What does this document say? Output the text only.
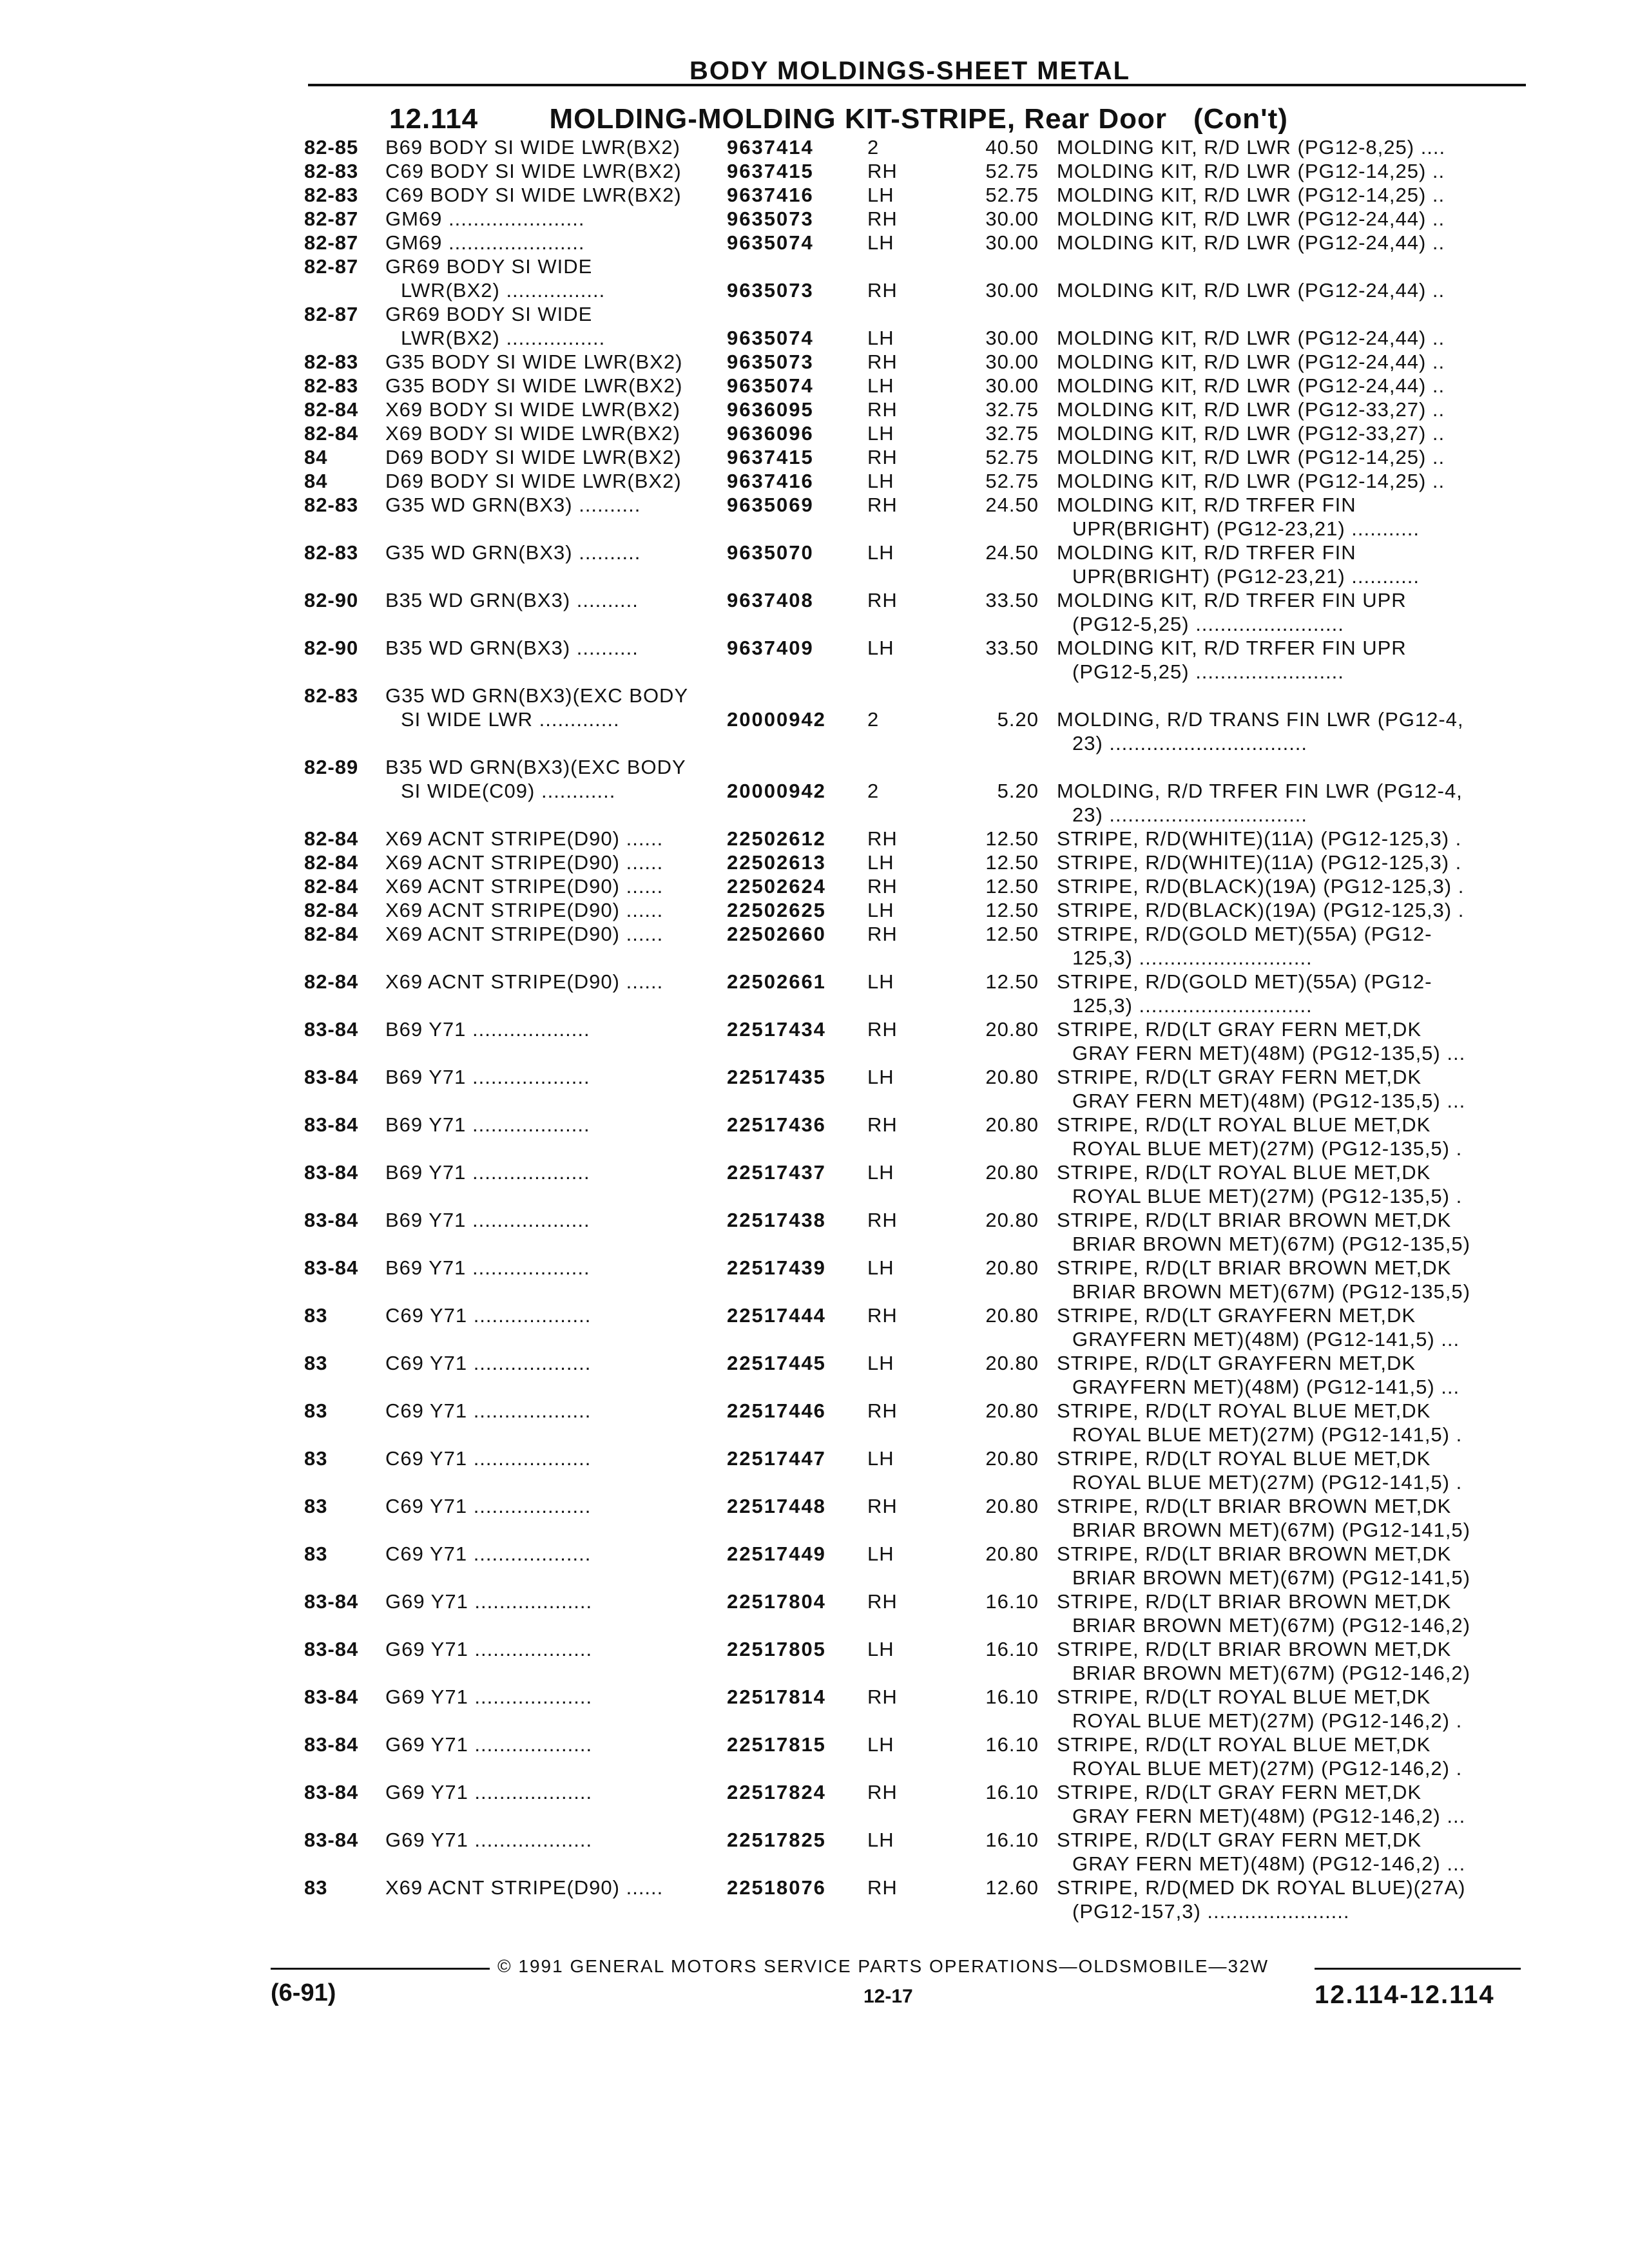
BODY MOLDINGS-SHEET METAL
12.114	MOLDING-MOLDING KIT-STRIPE, Rear Door (Con't)
82-85	B69 BODY SI WIDE LWR(BX2)	9637414	2	40.50 MOLDING KIT, R/D LWR (PG12-8,25) ....
82-83	C69 BODY SI WIDE LWR(BX2)	9637415	RH	52.75 MOLDING KIT, R/D LWR (PG12-14,25) ..
82-83	C69 BODY SI WIDE LWR(BX2)	9637416	LH	52.75 MOLDING KIT, R/D LWR (PG12-14,25) ..
82-87	GM69 ......................	9635073	RH	30.00 MOLDING KIT, R/D LWR (PG12-24,44) ..
82-87	GM69 ......................	9635074	LH	30.00 MOLDING KIT, R/D LWR (PG12-24,44) ..
82-87	GR69 BODY SI WIDE
LWR(BX2) ................	9635073	RH	30.00 MOLDING KIT, R/D LWR (PG12-24,44) ..
82-87	GR69 BODY SI WIDE
LWR(BX2) ................	9635074	LH	30.00 MOLDING KIT, R/D LWR (PG12-24,44) ..
82-83	G35 BODY SI WIDE LWR(BX2)	9635073	RH	30.00 MOLDING KIT, R/D LWR (PG12-24,44) ..
82-83	G35 BODY SI WIDE LWR(BX2)	9635074	LH	30.00 MOLDING KIT, R/D LWR (PG12-24,44) ..
82-84	X69 BODY SI WIDE LWR(BX2)	9636095	RH	32.75 MOLDING KIT, R/D LWR (PG12-33,27) ..
82-84	X69 BODY SI WIDE LWR(BX2)	9636096	LH	32.75 MOLDING KIT, R/D LWR (PG12-33,27) ..
84	D69 BODY SI WIDE LWR(BX2)	9637415	RH	52.75 MOLDING KIT, R/D LWR (PG12-14,25) ..
84	D69 BODY SI WIDE LWR(BX2)	9637416	LH	52.75 MOLDING KIT, R/D LWR (PG12-14,25) ..
82-83	G35 WD GRN(BX3) ..........	9635069	RH	24.50 MOLDING KIT, R/D TRFER FIN
UPR(BRIGHT) (PG12-23,21) ...........
82-83	G35 WD GRN(BX3) ..........	9635070	LH	24.50 MOLDING KIT, R/D TRFER FIN
UPR(BRIGHT) (PG12-23,21) ...........
82-90	B35 WD GRN(BX3) ..........	9637408	RH	33.50 MOLDING KIT, R/D TRFER FIN UPR
(PG12-5,25) ........................
82-90	B35 WD GRN(BX3) ..........	9637409	LH	33.50 MOLDING KIT, R/D TRFER FIN UPR
(PG12-5,25) ........................
82-83	G35 WD GRN(BX3)(EXC BODY
SI WIDE LWR .............	20000942	2	5.20 MOLDING, R/D TRANS FIN LWR (PG12-4,
23) ................................
82-89	B35 WD GRN(BX3)(EXC BODY
SI WIDE(C09) ............	20000942	2	5.20 MOLDING, R/D TRFER FIN LWR (PG12-4,
23) ................................
82-84	X69 ACNT STRIPE(D90) ......	22502612	RH	12.50 STRIPE, R/D(WHITE)(11A) (PG12-125,3) .
82-84	X69 ACNT STRIPE(D90) ......	22502613	LH	12.50 STRIPE, R/D(WHITE)(11A) (PG12-125,3) .
82-84	X69 ACNT STRIPE(D90) ......	22502624	RH	12.50 STRIPE, R/D(BLACK)(19A) (PG12-125,3) .
82-84	X69 ACNT STRIPE(D90) ......	22502625	LH	12.50 STRIPE, R/D(BLACK)(19A) (PG12-125,3) .
82-84	X69 ACNT STRIPE(D90) ......	22502660	RH	12.50 STRIPE, R/D(GOLD MET)(55A) (PG12-
125,3) ............................
82-84	X69 ACNT STRIPE(D90) ......	22502661	LH	12.50 STRIPE, R/D(GOLD MET)(55A) (PG12-
125,3) ............................
83-84	B69 Y71 ...................	22517434	RH	20.80 STRIPE, R/D(LT GRAY FERN MET,DK
GRAY FERN MET)(48M) (PG12-135,5) ...
83-84	B69 Y71 ...................	22517435	LH	20.80 STRIPE, R/D(LT GRAY FERN MET,DK
GRAY FERN MET)(48M) (PG12-135,5) ...
83-84	B69 Y71 ...................	22517436	RH	20.80 STRIPE, R/D(LT ROYAL BLUE MET,DK
ROYAL BLUE MET)(27M) (PG12-135,5) .
83-84	B69 Y71 ...................	22517437	LH	20.80 STRIPE, R/D(LT ROYAL BLUE MET,DK
ROYAL BLUE MET)(27M) (PG12-135,5) .
83-84	B69 Y71 ...................	22517438	RH	20.80 STRIPE, R/D(LT BRIAR BROWN MET,DK
BRIAR BROWN MET)(67M) (PG12-135,5)
83-84	B69 Y71 ...................	22517439	LH	20.80 STRIPE, R/D(LT BRIAR BROWN MET,DK
BRIAR BROWN MET)(67M) (PG12-135,5)
83	C69 Y71 ...................	22517444	RH	20.80 STRIPE, R/D(LT GRAYFERN MET,DK
GRAYFERN MET)(48M) (PG12-141,5) ...
83	C69 Y71 ...................	22517445	LH	20.80 STRIPE, R/D(LT GRAYFERN MET,DK
GRAYFERN MET)(48M) (PG12-141,5) ...
83	C69 Y71 ...................	22517446	RH	20.80 STRIPE, R/D(LT ROYAL BLUE MET,DK
ROYAL BLUE MET)(27M) (PG12-141,5) .
83	C69 Y71 ...................	22517447	LH	20.80 STRIPE, R/D(LT ROYAL BLUE MET,DK
ROYAL BLUE MET)(27M) (PG12-141,5) .
83	C69 Y71 ...................	22517448	RH	20.80 STRIPE, R/D(LT BRIAR BROWN MET,DK
BRIAR BROWN MET)(67M) (PG12-141,5)
83	C69 Y71 ...................	22517449	LH	20.80 STRIPE, R/D(LT BRIAR BROWN MET,DK
BRIAR BROWN MET)(67M) (PG12-141,5)
83-84	G69 Y71 ...................	22517804	RH	16.10 STRIPE, R/D(LT BRIAR BROWN MET,DK
BRIAR BROWN MET)(67M) (PG12-146,2)
83-84	G69 Y71 ...................	22517805	LH	16.10 STRIPE, R/D(LT BRIAR BROWN MET,DK
BRIAR BROWN MET)(67M) (PG12-146,2)
83-84	G69 Y71 ...................	22517814	RH	16.10 STRIPE, R/D(LT ROYAL BLUE MET,DK
ROYAL BLUE MET)(27M) (PG12-146,2) .
83-84	G69 Y71 ...................	22517815	LH	16.10 STRIPE, R/D(LT ROYAL BLUE MET,DK
ROYAL BLUE MET)(27M) (PG12-146,2) .
83-84	G69 Y71 ...................	22517824	RH	16.10 STRIPE, R/D(LT GRAY FERN MET,DK
GRAY FERN MET)(48M) (PG12-146,2) ...
83-84	G69 Y71 ...................	22517825	LH	16.10 STRIPE, R/D(LT GRAY FERN MET,DK
GRAY FERN MET)(48M) (PG12-146,2) ...
83	X69 ACNT STRIPE(D90) ......	22518076	RH	12.60 STRIPE, R/D(MED DK ROYAL BLUE)(27A)
(PG12-157,3) .......................
© 1991 GENERAL MOTORS SERVICE PARTS OPERATIONS—OLDSMOBILE—32W
(6-91)	12-17	12.114-12.114
